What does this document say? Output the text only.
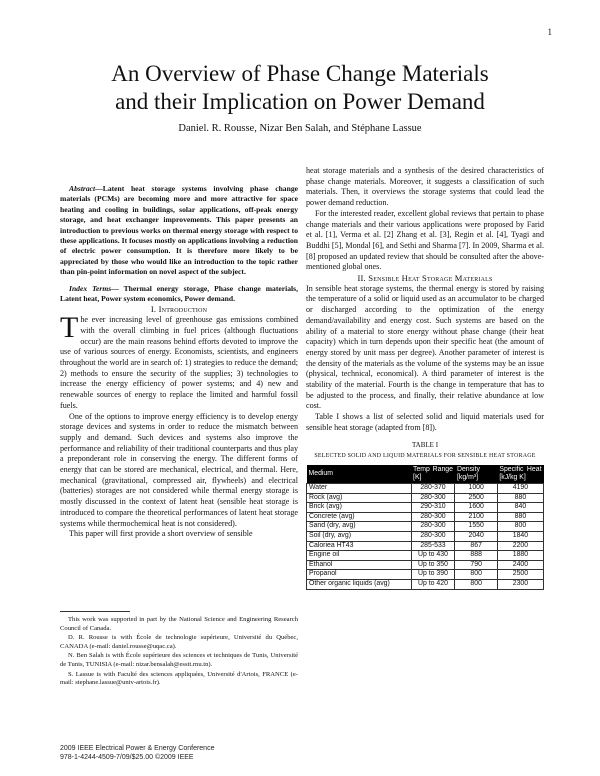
1
An Overview of Phase Change Materials
and their Implication on Power Demand
Daniel. R. Rousse, Nizar Ben Salah, and Stéphane Lassue

Abstract—Latent heat storage systems involving phase change materials (PCMs) are becoming more and more attractive for space heating and cooling in buildings, solar applications, off-peak energy storage, and heat exchanger improvements. This paper presents an introduction to previous works on thermal energy storage with respect to these applications. It focuses mostly on applications involving a reduction of electric power consumption. It is therefore more likely to be appreciated by those who would like an introduction to the topic rather than pin-point information on novel aspect of the subject.

Index Terms— Thermal energy storage, Phase change materials, Latent heat, Power system economics, Power demand.

I. Introduction

The ever increasing level of greenhouse gas emissions combined with the overall climbing in fuel prices (although fluctuations occur) are the main reasons behind efforts devoted to improve the use of various sources of energy. Economists, scientists, and engineers throughout the world are in search of: 1) strategies to reduce the demand; 2) methods to ensure the security of the supplies; 3) technologies to increase the energy efficiency of power systems; and 4) new and renewable sources of energy to replace the limited and harmful fossil fuels.

One of the options to improve energy efficiency is to develop energy storage devices and systems in order to reduce the mismatch between supply and demand. Such devices and systems also improve the performance and reliability of their traditional counterparts and thus play a preponderant role in conserving the energy. The different forms of energy that can be stored are mechanical, electrical, and thermal. Here, mechanical (gravitational, compressed air, flywheels) and electrical (batteries) storages are not considered while thermal energy storage is mostly discussed in the context of latent heat (sensible heat storage is introduced to compare the theoretical performances of latent heat storage systems while thermochemical heat is not considered).

This paper will first provide a short overview of sensible

This work was supported in part by the National Science and Engineering Research Council of Canada.

D. R. Rousse is with École de technologie supérieure, Université du Québec, CANADA (e-mail: daniel.rousse@uqac.ca).

N. Ben Salah is with École supérieure des sciences et techniques de Tunis, Université de Tunis, TUNISIA (e-mail: nizar.bensalah@esstt.rnu.tn).

S. Lassue is with Faculté des sciences appliquées, Université d'Artois, FRANCE (e-mail: stephane.lassue@univ-artois.fr).

2009 IEEE Electrical Power & Energy Conference
978-1-4244-4509-7/09/$25.00 ©2009 IEEE

heat storage materials and a synthesis of the desired characteristics of phase change materials. Moreover, it suggests a classification of such materials. Then, it overviews the storage systems that could lead the power demand reduction.

For the interested reader, excellent global reviews that pertain to phase change materials and their various applications were proposed by Farid et al. [1], Verma et al. [2] Zhang et al. [3], Regin et al. [4], Tyagi and Buddhi [5], Mondal [6], and Sethi and Sharma [7]. In 2009, Sharma et al. [8] proposed an updated review that should be consulted after the above-mentioned global ones.

II. Sensible Heat Storage Materials

In sensible heat storage systems, the thermal energy is stored by raising the temperature of a solid or liquid used as an accumulator to be charged or discharged according to the optimization of the energy demand/availability and energy cost. Such systems are based on the ability of a material to store energy without phase change (their heat capacity) which in turn depends upon their specific heat (the amount of energy stored by unit mass per degree). Another parameter of interest is the density of the materials as the volume of the systems may be an issue (physical, technical, economical). A third parameter of interest is the stability of the material. Fourth is the change in temperature that has to be adjusted to the process, and finally, their relative abundance at low cost.

Table I shows a list of selected solid and liquid materials used for sensible heat storage (adapted from [8]).

TABLE I
SELECTED SOLID AND LIQUID MATERIALS FOR SENSIBLE HEAT STORAGE
Medium	Temp Range [K]	Density [kg/m³]	Specific Heat [kJ/kg K]
Water	280-370	1000	4190
Rock (avg)	280-300	2500	880
Brick (avg)	290-310	1600	840
Concrete (avg)	280-300	2100	880
Sand (dry, avg)	280-300	1550	800
Soil (dry, avg)	280-300	2040	1840
Caloriea HT43	285-533	867	2200
Engine oil	Up to 430	888	1880
Ethanol	Up to 350	790	2400
Propanol	Up to 390	800	2500
Other organic liquids (avg)	Up to 420	800	2300
